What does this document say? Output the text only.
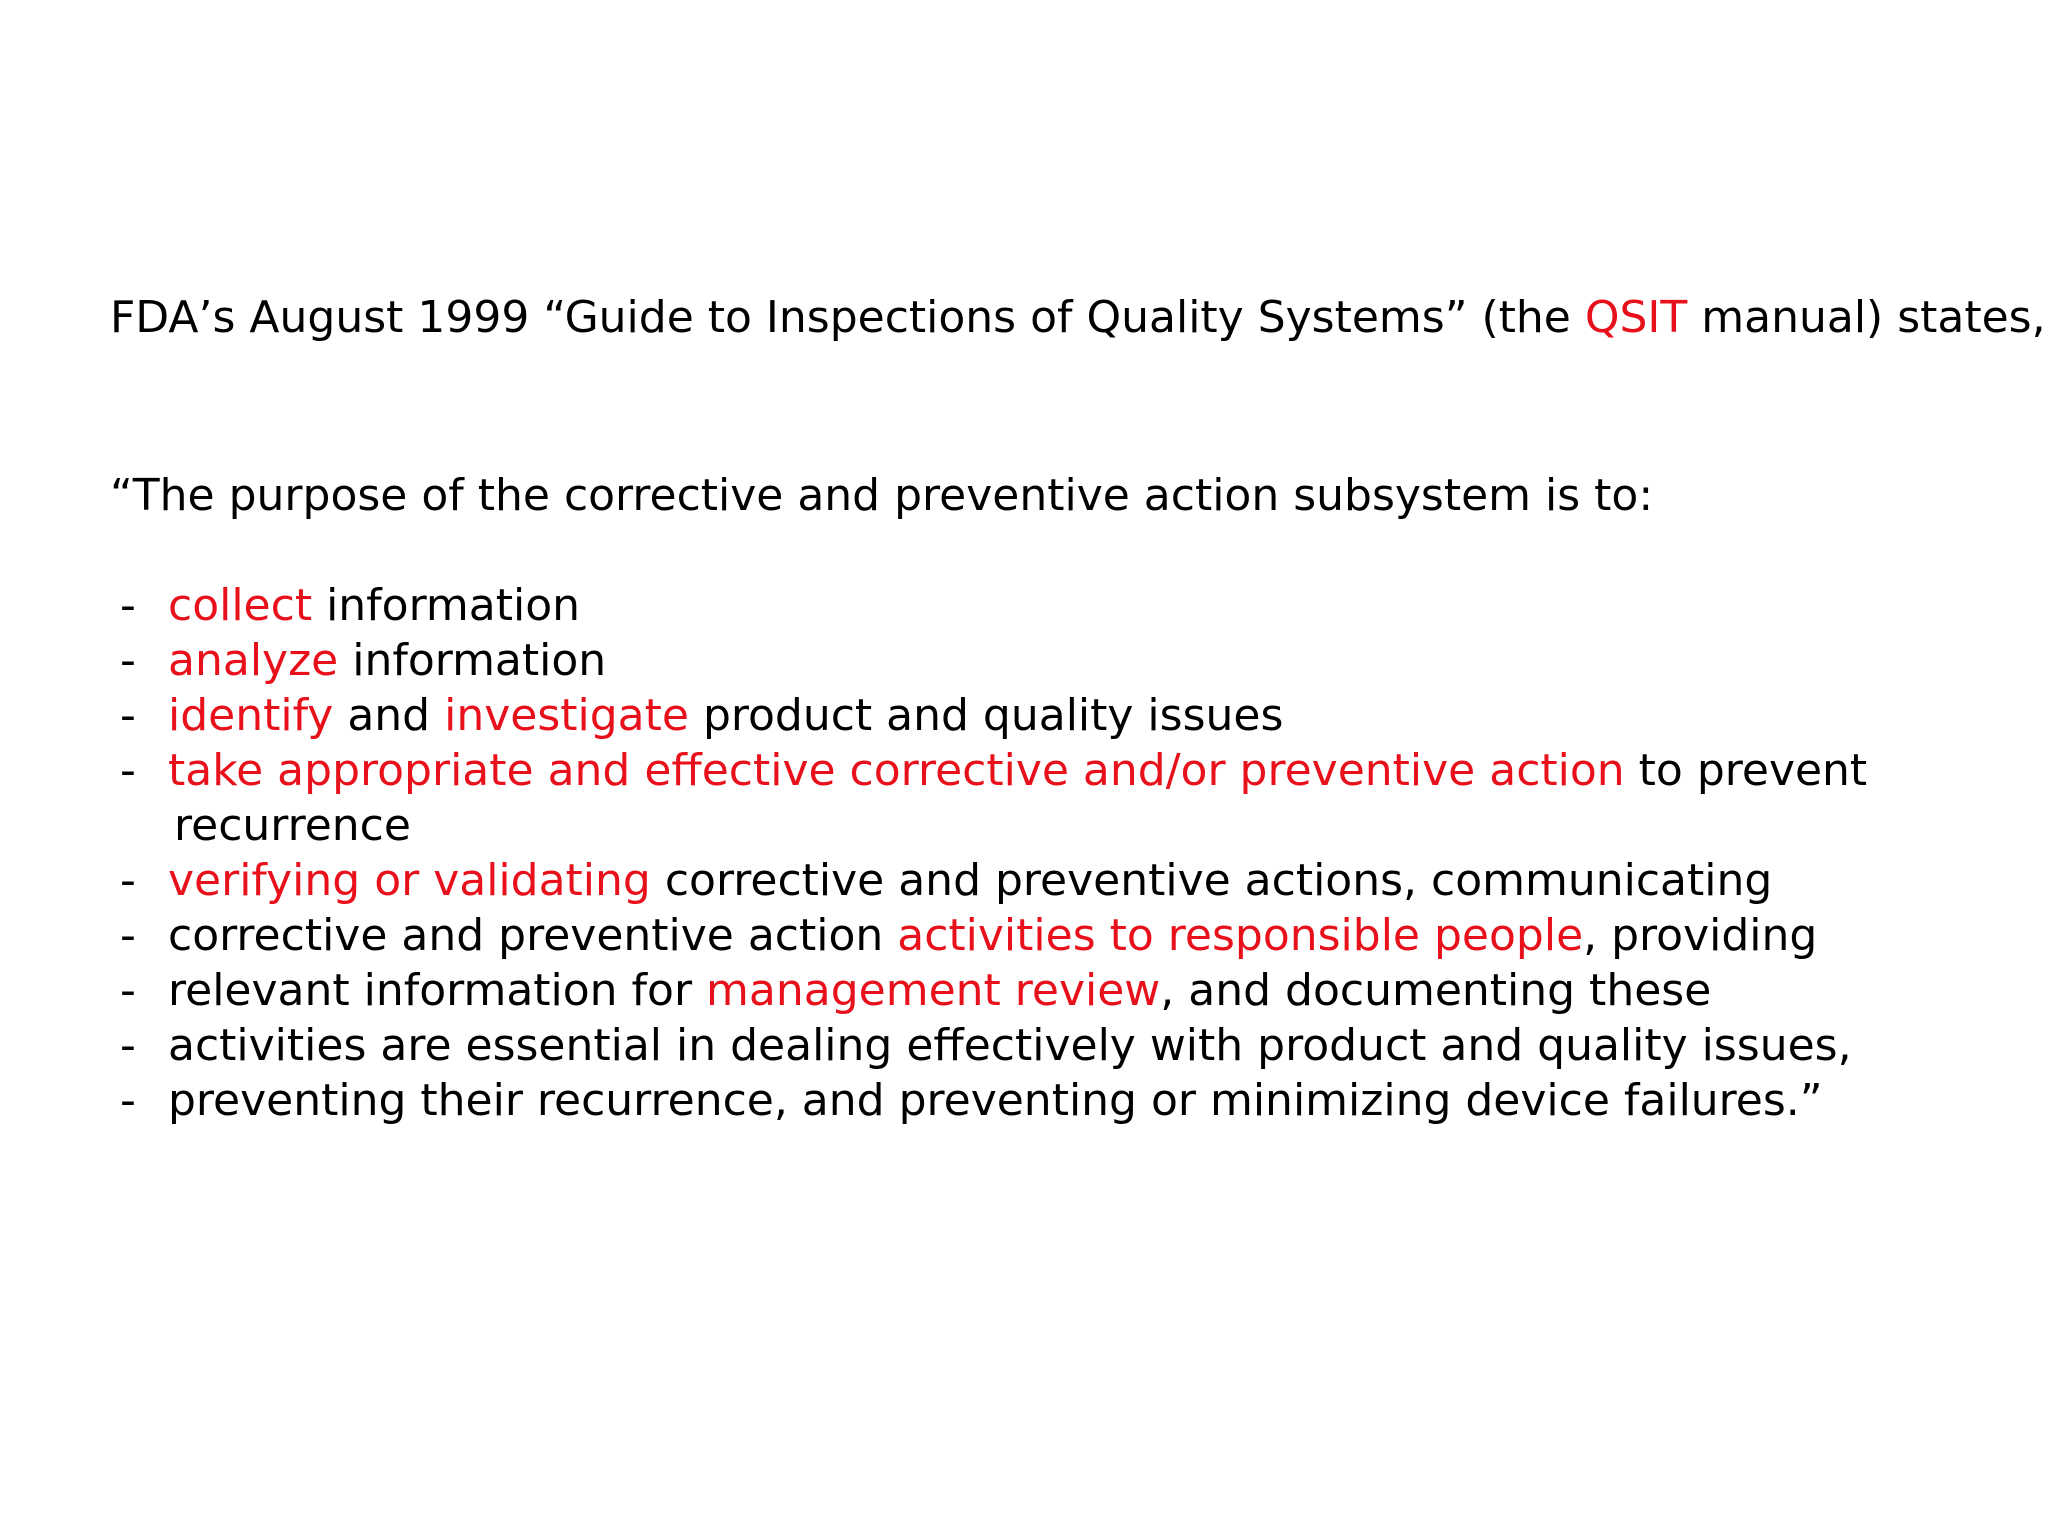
FDA’s August 1999 “Guide to Inspections of Quality Systems” (the QSIT manual) states,
“The purpose of the corrective and preventive action subsystem is to:
- collect information
- analyze information
- identify and investigate product and quality issues
- take appropriate and effective corrective and/or preventive action to prevent
recurrence
- verifying or validating corrective and preventive actions, communicating
- corrective and preventive action activities to responsible people, providing
- relevant information for management review, and documenting these
- activities are essential in dealing effectively with product and quality issues,
- preventing their recurrence, and preventing or minimizing device failures.”
